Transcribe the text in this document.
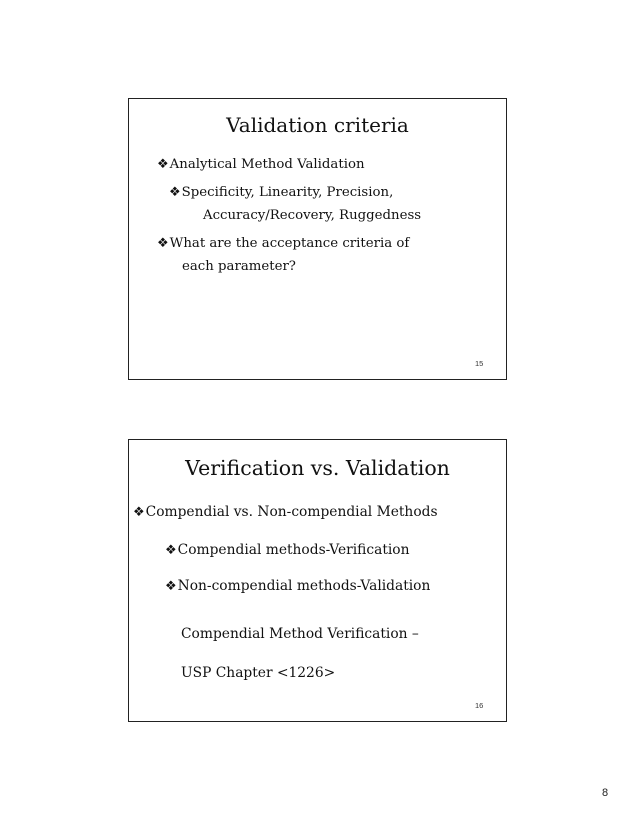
Validation criteria
❖Analytical Method Validation
❖Specificity, Linearity, Precision,
Accuracy/Recovery, Ruggedness
❖What are the acceptance criteria of
each parameter?
15
Verification vs. Validation
❖Compendial vs. Non-compendial Methods
❖Compendial methods-Verification
❖Non-compendial methods-Validation
Compendial Method Verification –
USP Chapter <1226>
16
8
